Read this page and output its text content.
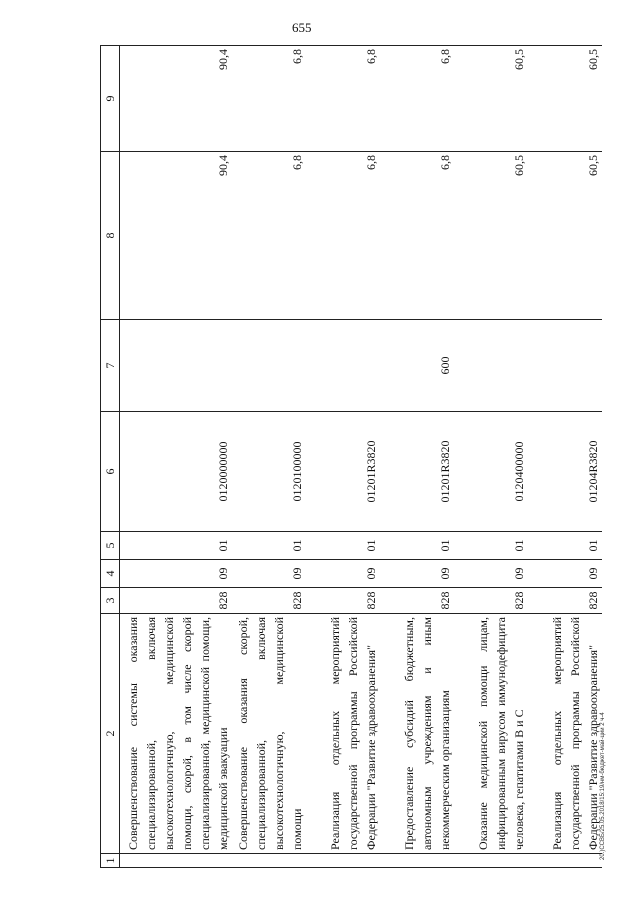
655
1	2	3	4	5	6	7	8	9
	Совершенствование системы оказания специализированной, включая высокотехнологичную, медицинской помощи, скорой, в том числе скорой специализированной, медицинской помощи, медицинской эвакуации	828	09	01	0120000000		90,4	90,4
	Совершенствование оказания скорой, специализированной, включая высокотехнологичную, медицинской помощи	828	09	01	0120100000		6,8	6,8
	Реализация отдельных мероприятий государственной программы Российской Федерации "Развитие здравоохранения"	828	09	01	01201R3820		6,8	6,8
	Предоставление субсидий бюджетным, автономным учреждениям и иным некоммерческим организациям	828	09	01	01201R3820	600	6,8	6,8
	Оказание медицинской помощи лицам, инфицированным вирусом иммунодефицита человека, гепатитами B и C	828	09	01	0120400000		60,5	60,5
	Реализация отдельных мероприятий государственной программы Российской Федерации "Развитие здравоохранения"	828	09	01	01204R3820		60,5	60,5
20.)ССВБ/25.05.2018/15:19/нм-бюджет-май-ции 2 ч-4
